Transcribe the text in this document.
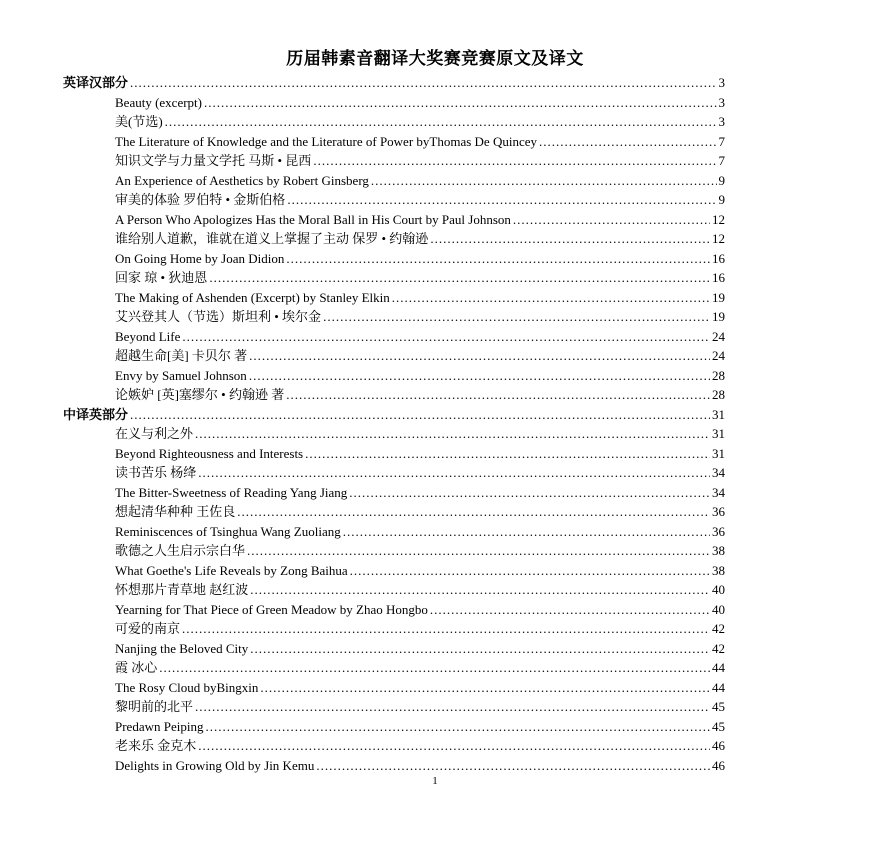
历届韩素音翻译大奖赛竞赛原文及译文
英译汉部分 .....	3
Beauty (excerpt) .....	3
美(节选) .....	3
The Literature of Knowledge and the Literature of Power byThomas De Quincey .....	7
知识文学与力量文学托 马斯 • 昆西 .....	7
An Experience of Aesthetics by Robert Ginsberg .....	9
审美的体验 罗伯特 • 金斯伯格 .....	9
A Person Who Apologizes Has the Moral Ball in His Court by Paul Johnson .....	12
谁给别人道歉，谁就在道义上掌握了主动 保罗 • 约翰逊 .....	12
On Going Home by Joan Didion .....	16
回家 琼 • 狄迪恩 .....	16
The Making of Ashenden (Excerpt) by Stanley Elkin .....	19
艾兴登其人（节选）斯坦利 • 埃尔金 .....	19
Beyond Life .....	24
超越生命[美] 卡贝尔 著 .....	24
Envy by Samuel Johnson .....	28
论嫉妒 [英]塞缪尔 • 约翰逊 著 .....	28
中译英部分 .....	31
在义与利之外 .....	31
Beyond Righteousness and Interests .....	31
读书苦乐 杨绛 .....	34
The Bitter-Sweetness of Reading Yang Jiang .....	34
想起清华种种 王佐良 .....	36
Reminiscences of Tsinghua Wang Zuoliang .....	36
歌德之人生启示宗白华 .....	38
What Goethe's Life Reveals by Zong Baihua .....	38
怀想那片青草地 赵红波 .....	40
Yearning for That Piece of Green Meadow by Zhao Hongbo .....	40
可爱的南京 .....	42
Nanjing the Beloved City .....	42
霞 冰心 .....	44
The Rosy Cloud byBingxin .....	44
黎明前的北平 .....	45
Predawn Peiping .....	45
老来乐 金克木 .....	46
Delights in Growing Old by Jin Kemu .....	46
1
